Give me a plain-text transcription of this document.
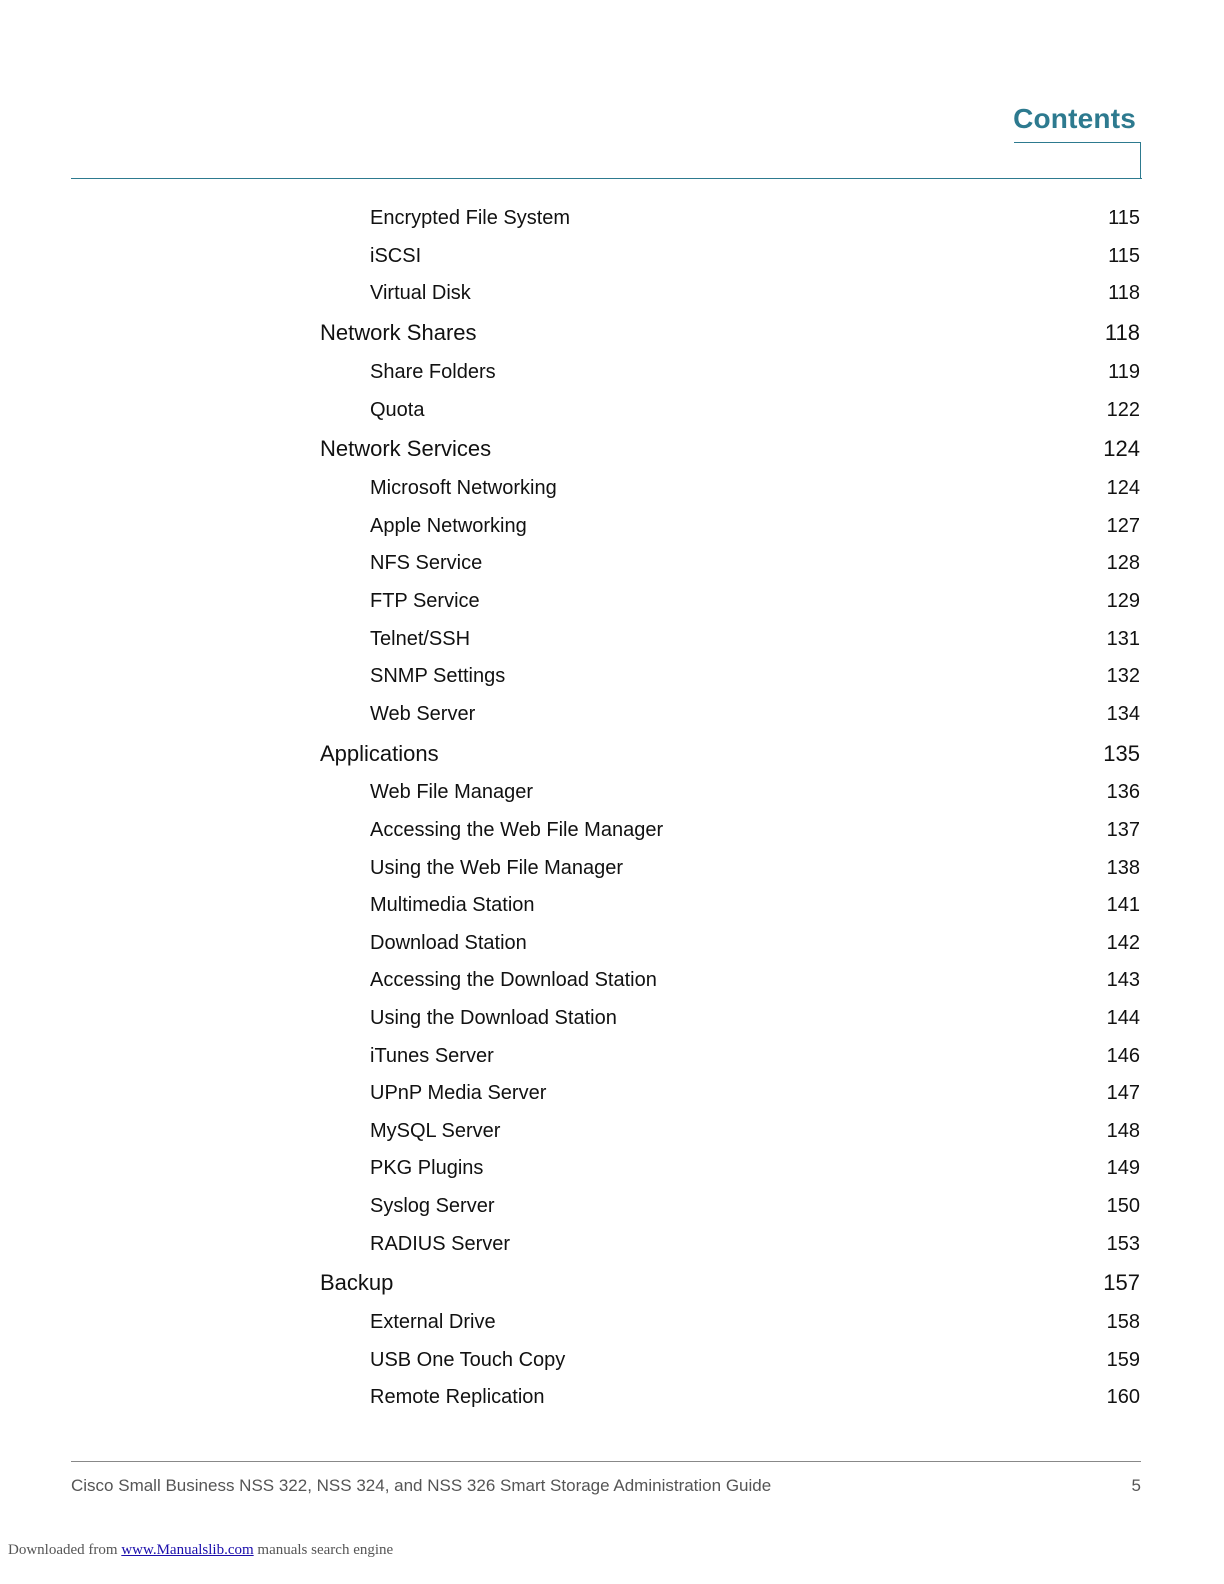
Contents
Encrypted File System	115
iSCSI	115
Virtual Disk	118
Network Shares	118
Share Folders	119
Quota	122
Network Services	124
Microsoft Networking	124
Apple Networking	127
NFS Service	128
FTP Service	129
Telnet/SSH	131
SNMP Settings	132
Web Server	134
Applications	135
Web File Manager	136
Accessing the Web File Manager	137
Using the Web File Manager	138
Multimedia Station	141
Download Station	142
Accessing the Download Station	143
Using the Download Station	144
iTunes Server	146
UPnP Media Server	147
MySQL Server	148
PKG Plugins	149
Syslog Server	150
RADIUS Server	153
Backup	157
External Drive	158
USB One Touch Copy	159
Remote Replication	160
Cisco Small Business NSS 322, NSS 324, and NSS 326 Smart Storage Administration Guide	5
Downloaded from www.Manualslib.com manuals search engine
